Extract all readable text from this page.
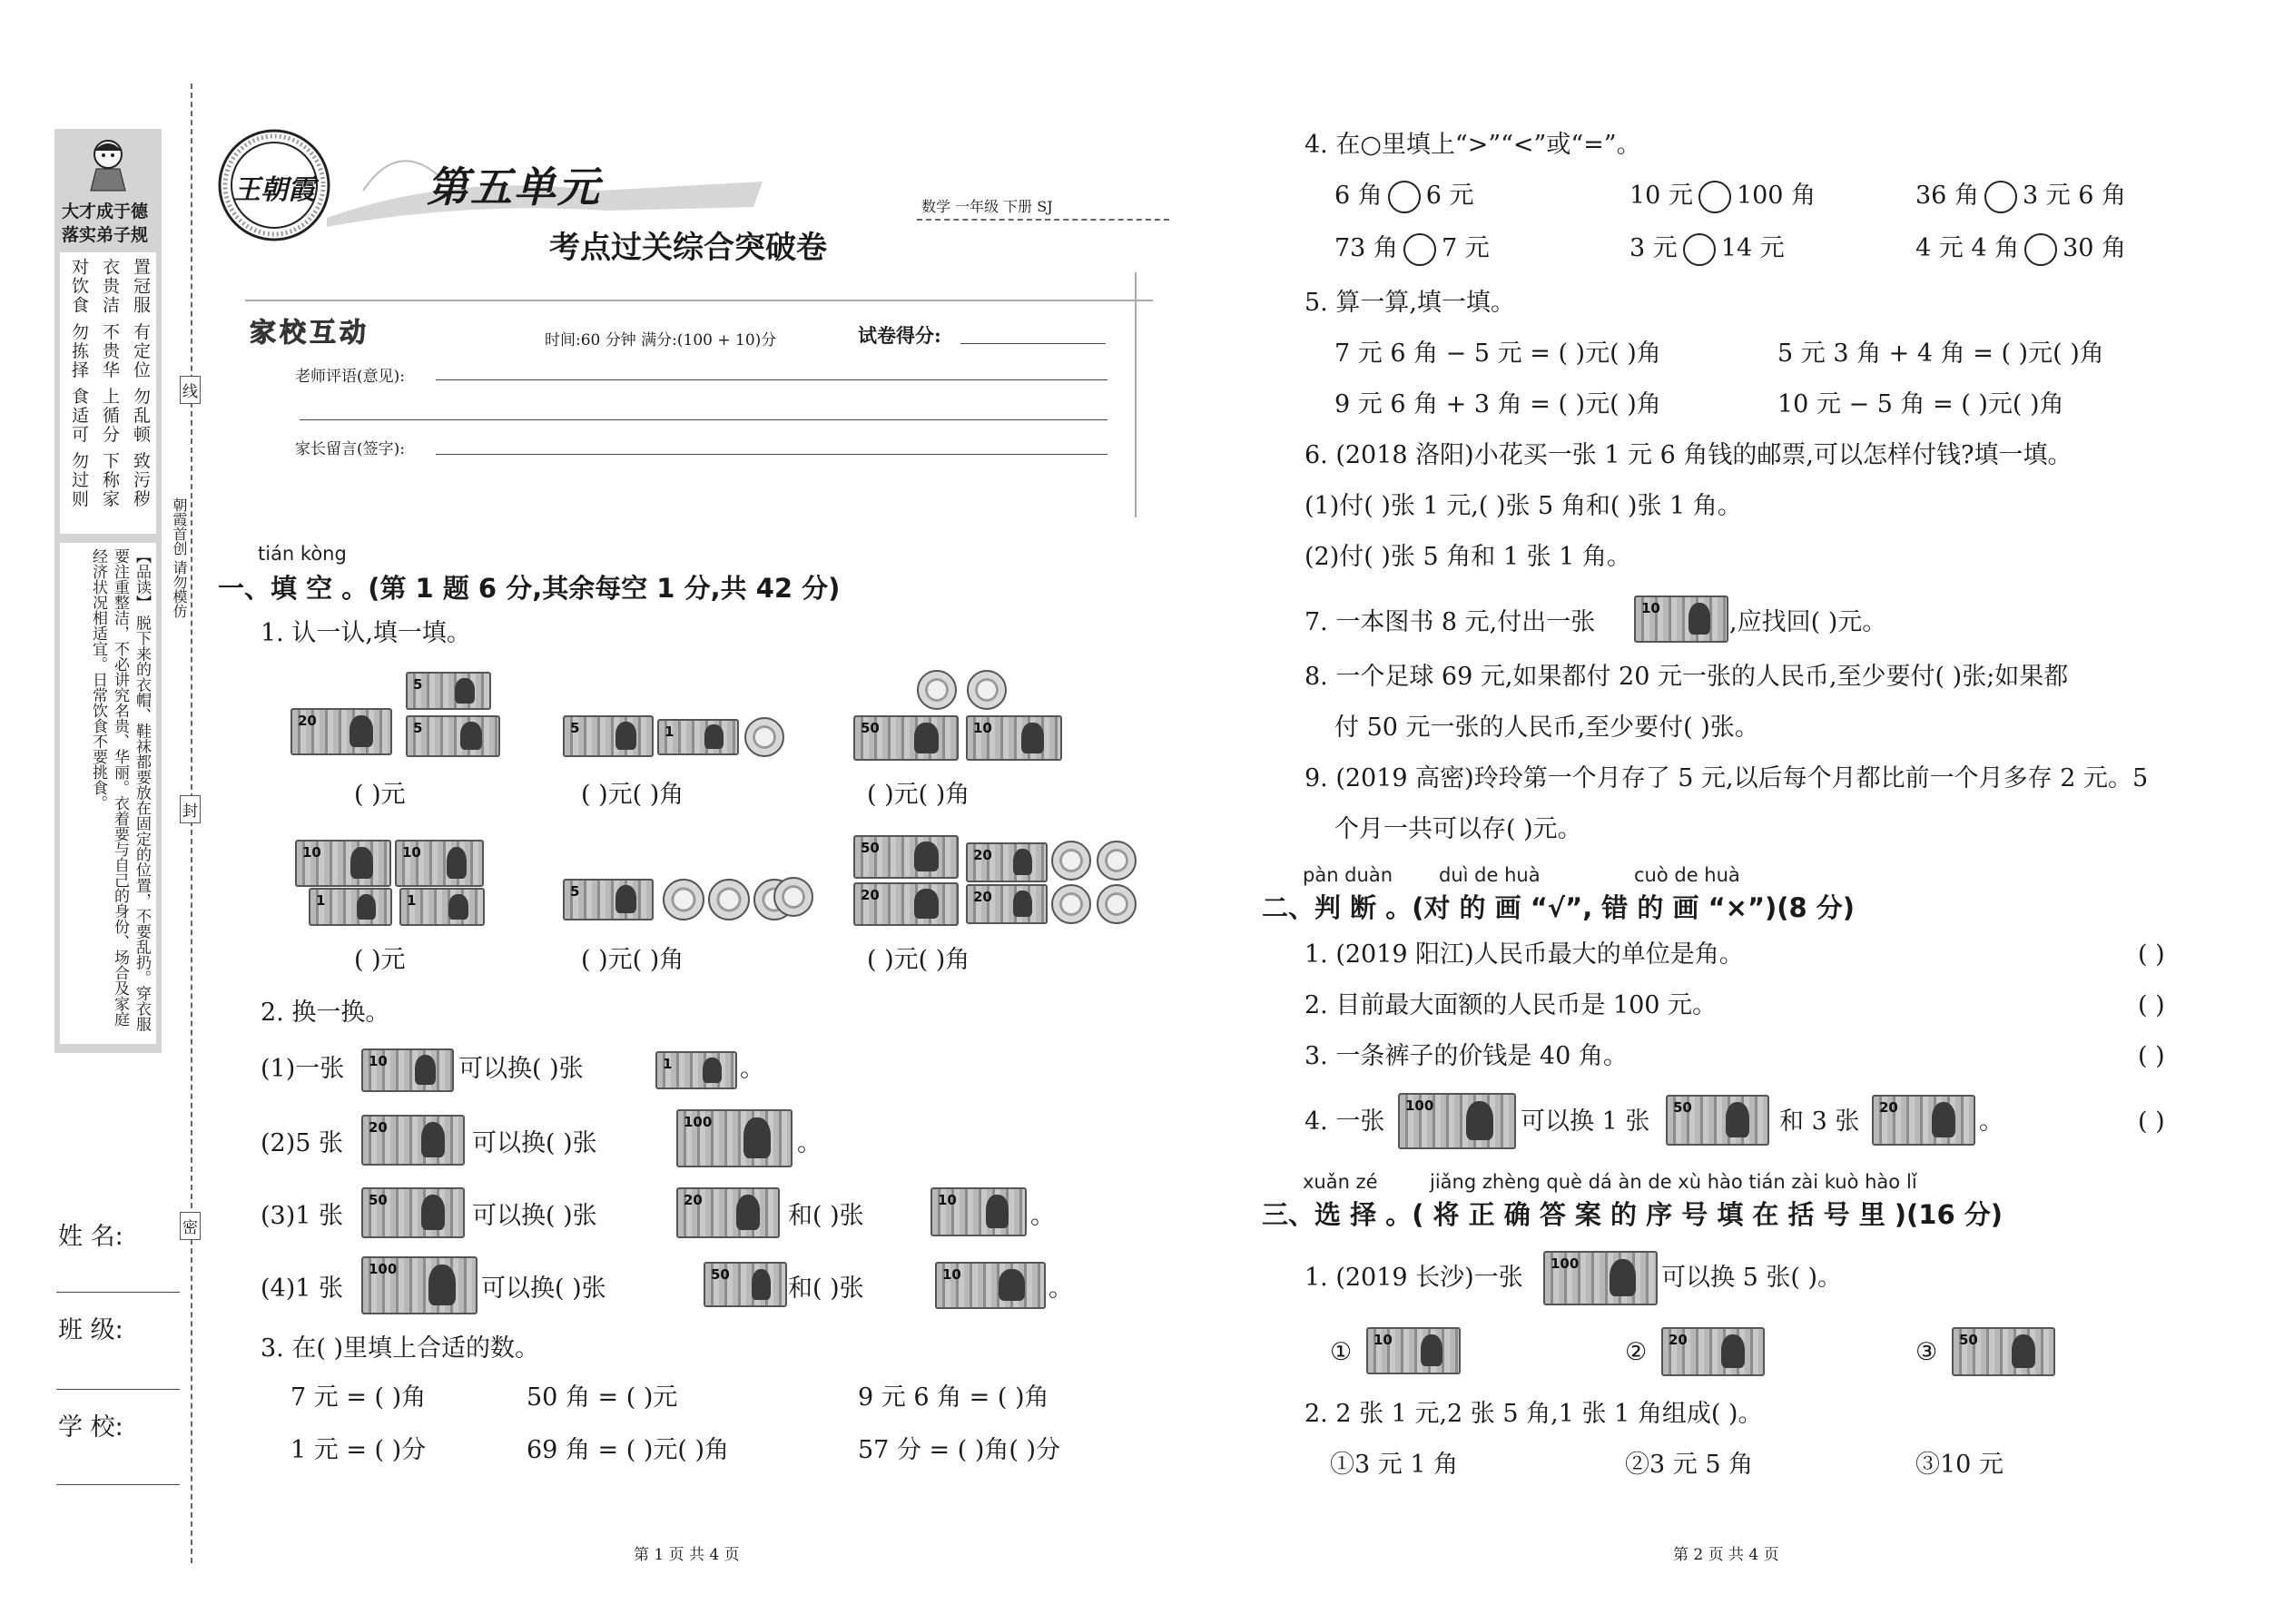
大才成于德
落实弟子规
置冠服 有定位 勿乱顿 致污秽
衣贵洁 不贵华 上循分 下称家
对饮食 勿拣择 食适可 勿过则
【品读】 脱下来的衣帽、鞋袜都要放在固定的位置，不要乱扔。穿衣服要注重整洁，不必讲究名贵、华丽。衣着要与自己的身份、场合及家庭经济状况相适宜。日常饮食不要挑食。
线
封
密
朝霞首创 请勿模仿
姓 名:
班 级:
学 校:
王朝霞	第五单元
考点过关综合突破卷
数学 一年级 下册 SJ
家校互动	时间:60 分钟 满分:(100 + 10)分	试卷得分:
老师评语(意见):
家长留言(签字):
tián kòng
一、填 空 。(第 1 题 6 分,其余每空 1 分,共 42 分)
1. 认一认,填一填。
20
5
5
( )元
5	1
( )元( )角
50	10
( )元( )角
10	10
1	1
( )元
5
( )元( )角
50	20
20	20
( )元( )角
2. 换一换。
(1)一张 10	可以换( )张	1	。
(2)5 张
20
可以换( )张
100
。
(3)1 张
50
可以换( )张
20
和( )张
10
。
(4)1 张
100
可以换( )张	50 和( )张	10	。
3. 在( )里填上合适的数。
7 元 = ( )角	50 角 = ( )元	9 元 6 角 = ( )角
1 元 = ( )分	69 角 = ( )元( )角	57 分 = ( )角( )分
第 1 页 共 4 页
4. 在○里填上“>”“<”或“=”。
6 角 6 元	10 元 100 角	36 角 3 元 6 角
73 角 7 元	3 元 14 元	4 元 4 角 30 角
5. 算一算,填一填。
7 元 6 角 − 5 元 = ( )元( )角	5 元 3 角 + 4 角 = ( )元( )角
9 元 6 角 + 3 角 = ( )元( )角	10 元 − 5 角 = ( )元( )角
6. (2018 洛阳)小花买一张 1 元 6 角钱的邮票,可以怎样付钱?填一填。
(1)付( )张 1 元,( )张 5 角和( )张 1 角。
(2)付( )张 5 角和 1 张 1 角。
7. 一本图书 8 元,付出一张	10	,应找回( )元。
8. 一个足球 69 元,如果都付 20 元一张的人民币,至少要付( )张;如果都
付 50 元一张的人民币,至少要付( )张。
9. (2019 高密)玲玲第一个月存了 5 元,以后每个月都比前一个月多存 2 元。5
个月一共可以存( )元。
pàn duàn duì de huà	cuò de huà
二、判 断 。(对 的 画 “√”, 错 的 画 “×”)(8 分)
1. (2019 阳江)人民币最大的单位是角。	( )
2. 目前最大面额的人民币是 100 元。	( )
3. 一条裤子的价钱是 40 角。	( )
4. 一张
100
可以换 1 张 50	和 3 张 20	。	( )
xuǎn zé	jiǎng zhèng què dá àn de xù hào tián zài kuò hào lǐ
三、选 择 。( 将 正 确 答 案 的 序 号 填 在 括 号 里 )(16 分)
1. (2019 长沙)一张 100	可以换 5 张( )。
① 10	② 20	③ 50
2. 2 张 1 元,2 张 5 角,1 张 1 角组成( )。
①3 元 1 角	②3 元 5 角	③10 元
第 2 页 共 4 页
